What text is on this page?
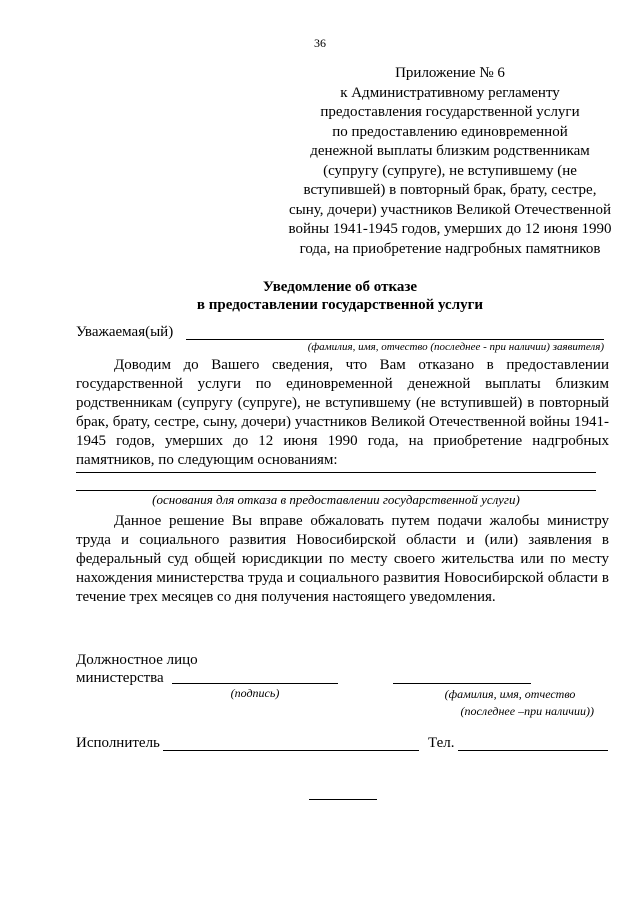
36
Приложение № 6
к Административному регламенту
предоставления государственной услуги
по предоставлению единовременной
денежной выплаты близким родственникам
(супругу (супруге), не вступившему (не
вступившей) в повторный брак, брату, сестре,
сыну, дочери) участников Великой Отечественной
войны 1941-1945 годов, умерших до 12 июня 1990
года, на приобретение надгробных памятников
Уведомление об отказе
в предоставлении государственной услуги
Уважаемая(ый)
(фамилия, имя, отчество (последнее - при наличии) заявителя)

Доводим до Вашего сведения, что Вам отказано в предоставлении государственной услуги по единовременной денежной выплаты близким родственникам (супругу (супруге), не вступившему (не вступившей) в повторный брак, брату, сестре, сыну, дочери) участников Великой Отечественной войны 1941-1945 годов, умерших до 12 июня 1990 года, на приобретение надгробных памятников, по следующим основаниям:

(основания для отказа в предоставлении государственной услуги)

Данное решение Вы вправе обжаловать путем подачи жалобы министру труда и социального развития Новосибирской области и (или) заявления в федеральный суд общей юрисдикции по месту своего жительства или по месту нахождения министерства труда и социального развития Новосибирской области в течение трех месяцев со дня получения настоящего уведомления.

Должностное лицо
министерства
(подпись)	(фамилия, имя, отчество
(последнее –при наличии))
Исполнитель	Тел.
